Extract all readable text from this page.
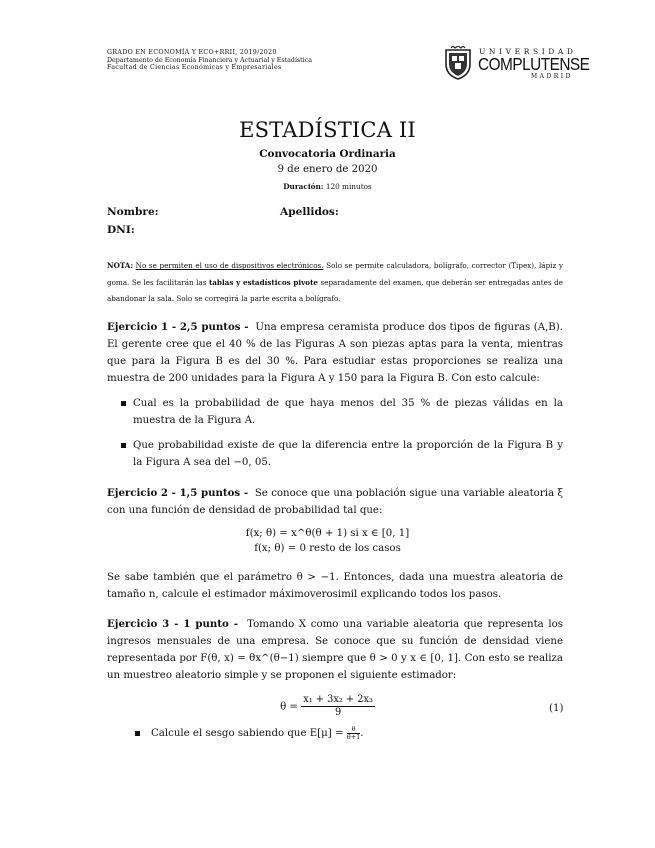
GRADO EN ECONOMÍA Y ECO+RRII, 2019/2020
Departamento de Economía Financiera y Actuarial y Estadística
Facultad de Ciencias Económicas y Empresariales
UNIVERSIDAD
COMPLUTENSE
MADRID
ESTADÍSTICA II
Convocatoria Ordinaria
9 de enero de 2020
Duración: 120 minutos
Nombre:	Apellidos:
DNI:
NOTA: No se permiten el uso de dispositivos electrónicos. Solo se permite calculadora, bolígrafo, corrector (Tipex), lápiz y goma. Se les facilitarán las tablas y estadísticos pivote separadamente del examen, que deberán ser entregadas antes de abandonar la sala. Solo se corregirá la parte escrita a bolígrafo.
Ejercicio 1 - 2,5 puntos - Una empresa ceramista produce dos tipos de figuras (A,B). El gerente cree que el 40 % de las Figuras A son piezas aptas para la venta, mientras que para la Figura B es del 30 %. Para estudiar estas proporciones se realiza una muestra de 200 unidades para la Figura A y 150 para la Figura B. Con esto calcule:
Cual es la probabilidad de que haya menos del 35 % de piezas válidas en la muestra de la Figura A.
Que probabilidad existe de que la diferencia entre la proporción de la Figura B y la Figura A sea del −0, 05.
Ejercicio 2 - 1,5 puntos - Se conoce que una población sigue una variable aleatoria ξ con una función de densidad de probabilidad tal que:
f(x; θ) = x^θ(θ + 1) si x ∈ [0, 1]
f(x; θ) = 0 resto de los casos
Se sabe también que el parámetro θ > −1. Entonces, dada una muestra aleatoria de tamaño n, calcule el estimador máximoverosimil explicando todos los pasos.
Ejercicio 3 - 1 punto - Tomando X como una variable aleatoria que representa los ingresos mensuales de una empresa. Se conoce que su función de densidad viene representada por F(θ, x) = θx^(θ−1) siempre que θ > 0 y x ∈ [0, 1]. Con esto se realiza un muestreo aleatorio simple y se proponen el siguiente estimador:
$\theta = \frac{\text{x₁ + 3x₂ + 2x₃}}{9}$	(1)
Calcule el sesgo sabiendo que $E[\mu] = \frac{\theta}{\theta+1}$.
